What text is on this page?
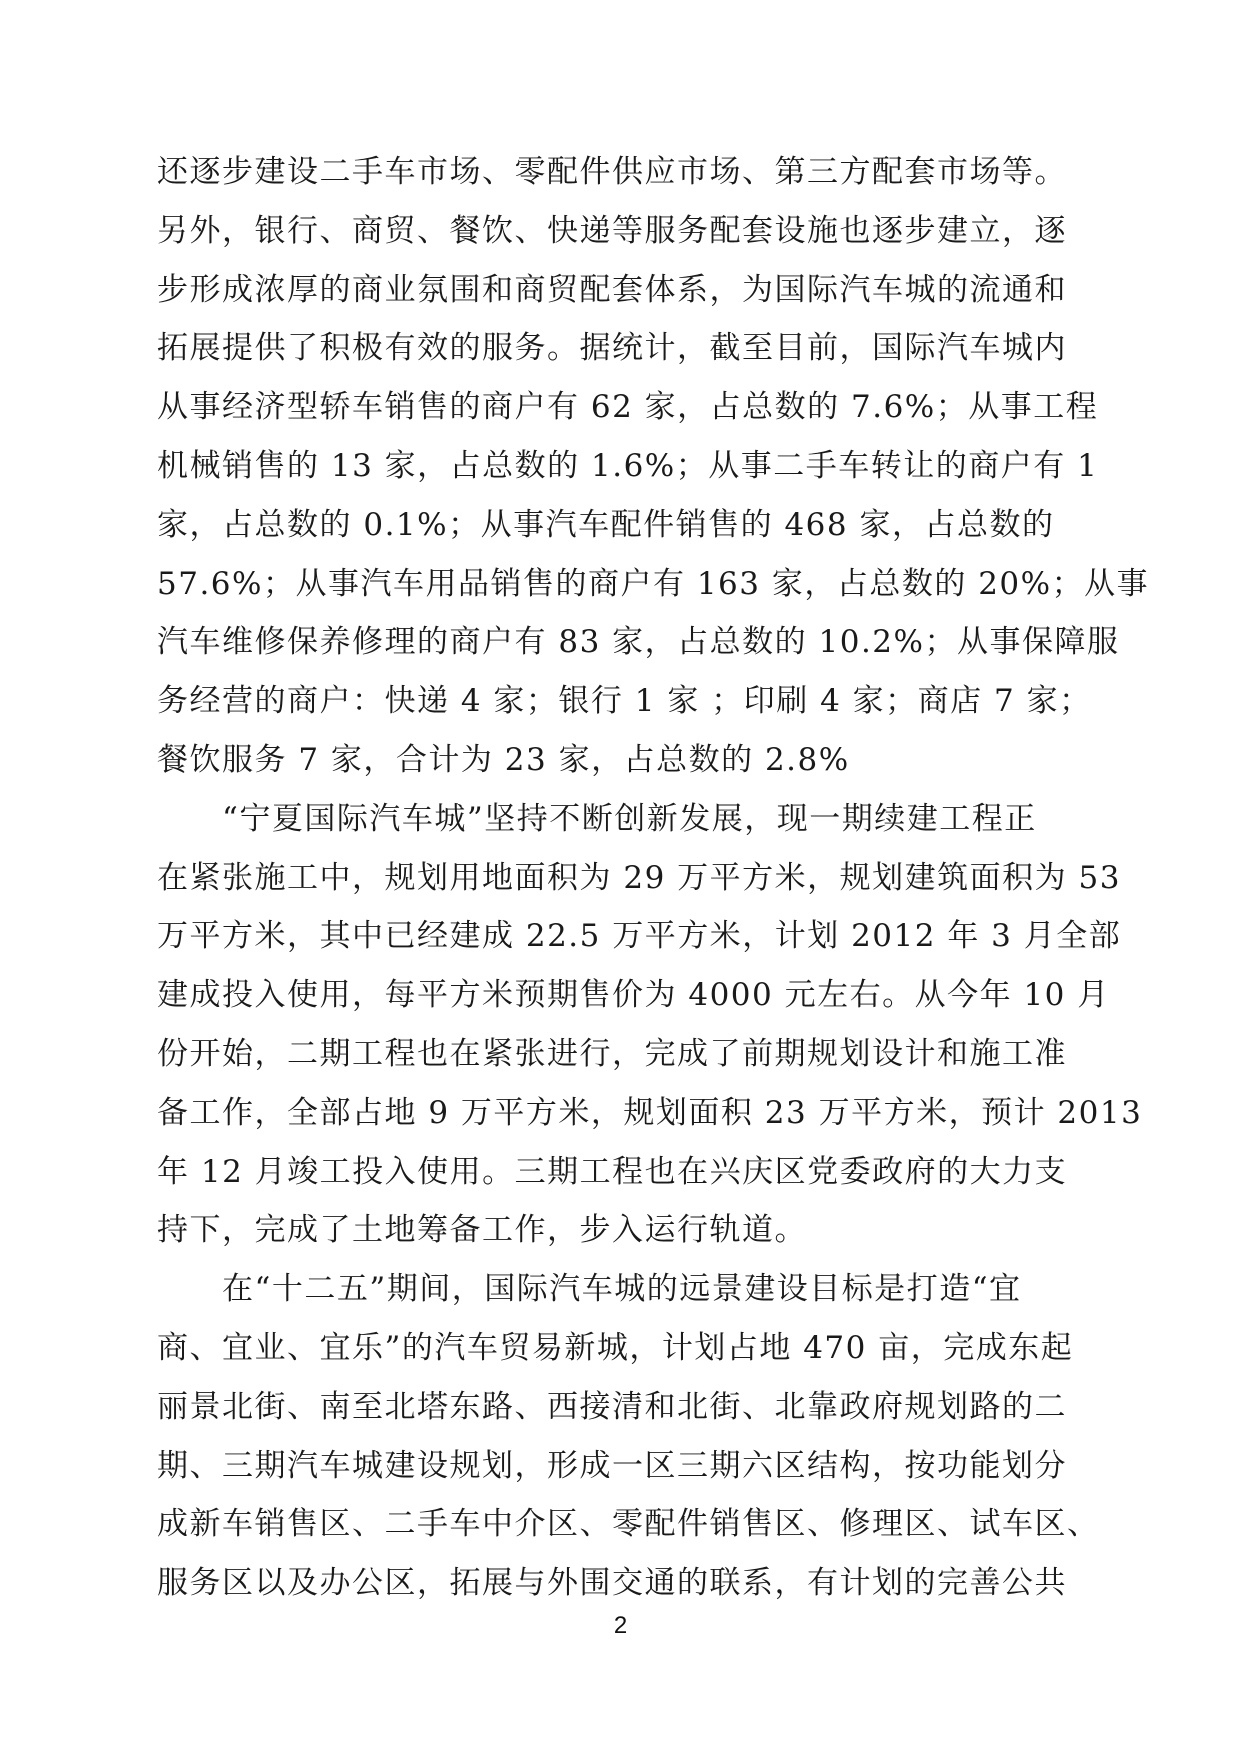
还逐步建设二手车市场、零配件供应市场、第三方配套市场等。
另外，银行、商贸、餐饮、快递等服务配套设施也逐步建立，逐
步形成浓厚的商业氛围和商贸配套体系，为国际汽车城的流通和
拓展提供了积极有效的服务。据统计，截至目前，国际汽车城内
从事经济型轿车销售的商户有 62 家，占总数的 7.6%；从事工程
机械销售的 13 家，占总数的 1.6%；从事二手车转让的商户有 1
家，占总数的 0.1%；从事汽车配件销售的 468 家，占总数的
57.6%；从事汽车用品销售的商户有 163 家，占总数的 20%；从事
汽车维修保养修理的商户有 83 家，占总数的 10.2%；从事保障服
务经营的商户：快递 4 家；银行 1 家 ；印刷 4 家；商店 7 家；
餐饮服务 7 家，合计为 23 家，占总数的 2.8%
　　“宁夏国际汽车城”坚持不断创新发展，现一期续建工程正
在紧张施工中，规划用地面积为 29 万平方米，规划建筑面积为 53
万平方米，其中已经建成 22.5 万平方米，计划 2012 年 3 月全部
建成投入使用，每平方米预期售价为 4000 元左右。从今年 10 月
份开始，二期工程也在紧张进行，完成了前期规划设计和施工准
备工作，全部占地 9 万平方米，规划面积 23 万平方米，预计 2013
年 12 月竣工投入使用。三期工程也在兴庆区党委政府的大力支
持下，完成了土地筹备工作，步入运行轨道。
　　在“十二五”期间，国际汽车城的远景建设目标是打造“宜
商、宜业、宜乐”的汽车贸易新城，计划占地 470 亩，完成东起
丽景北街、南至北塔东路、西接清和北街、北靠政府规划路的二
期、三期汽车城建设规划，形成一区三期六区结构，按功能划分
成新车销售区、二手车中介区、零配件销售区、修理区、试车区、
服务区以及办公区，拓展与外围交通的联系，有计划的完善公共
2
